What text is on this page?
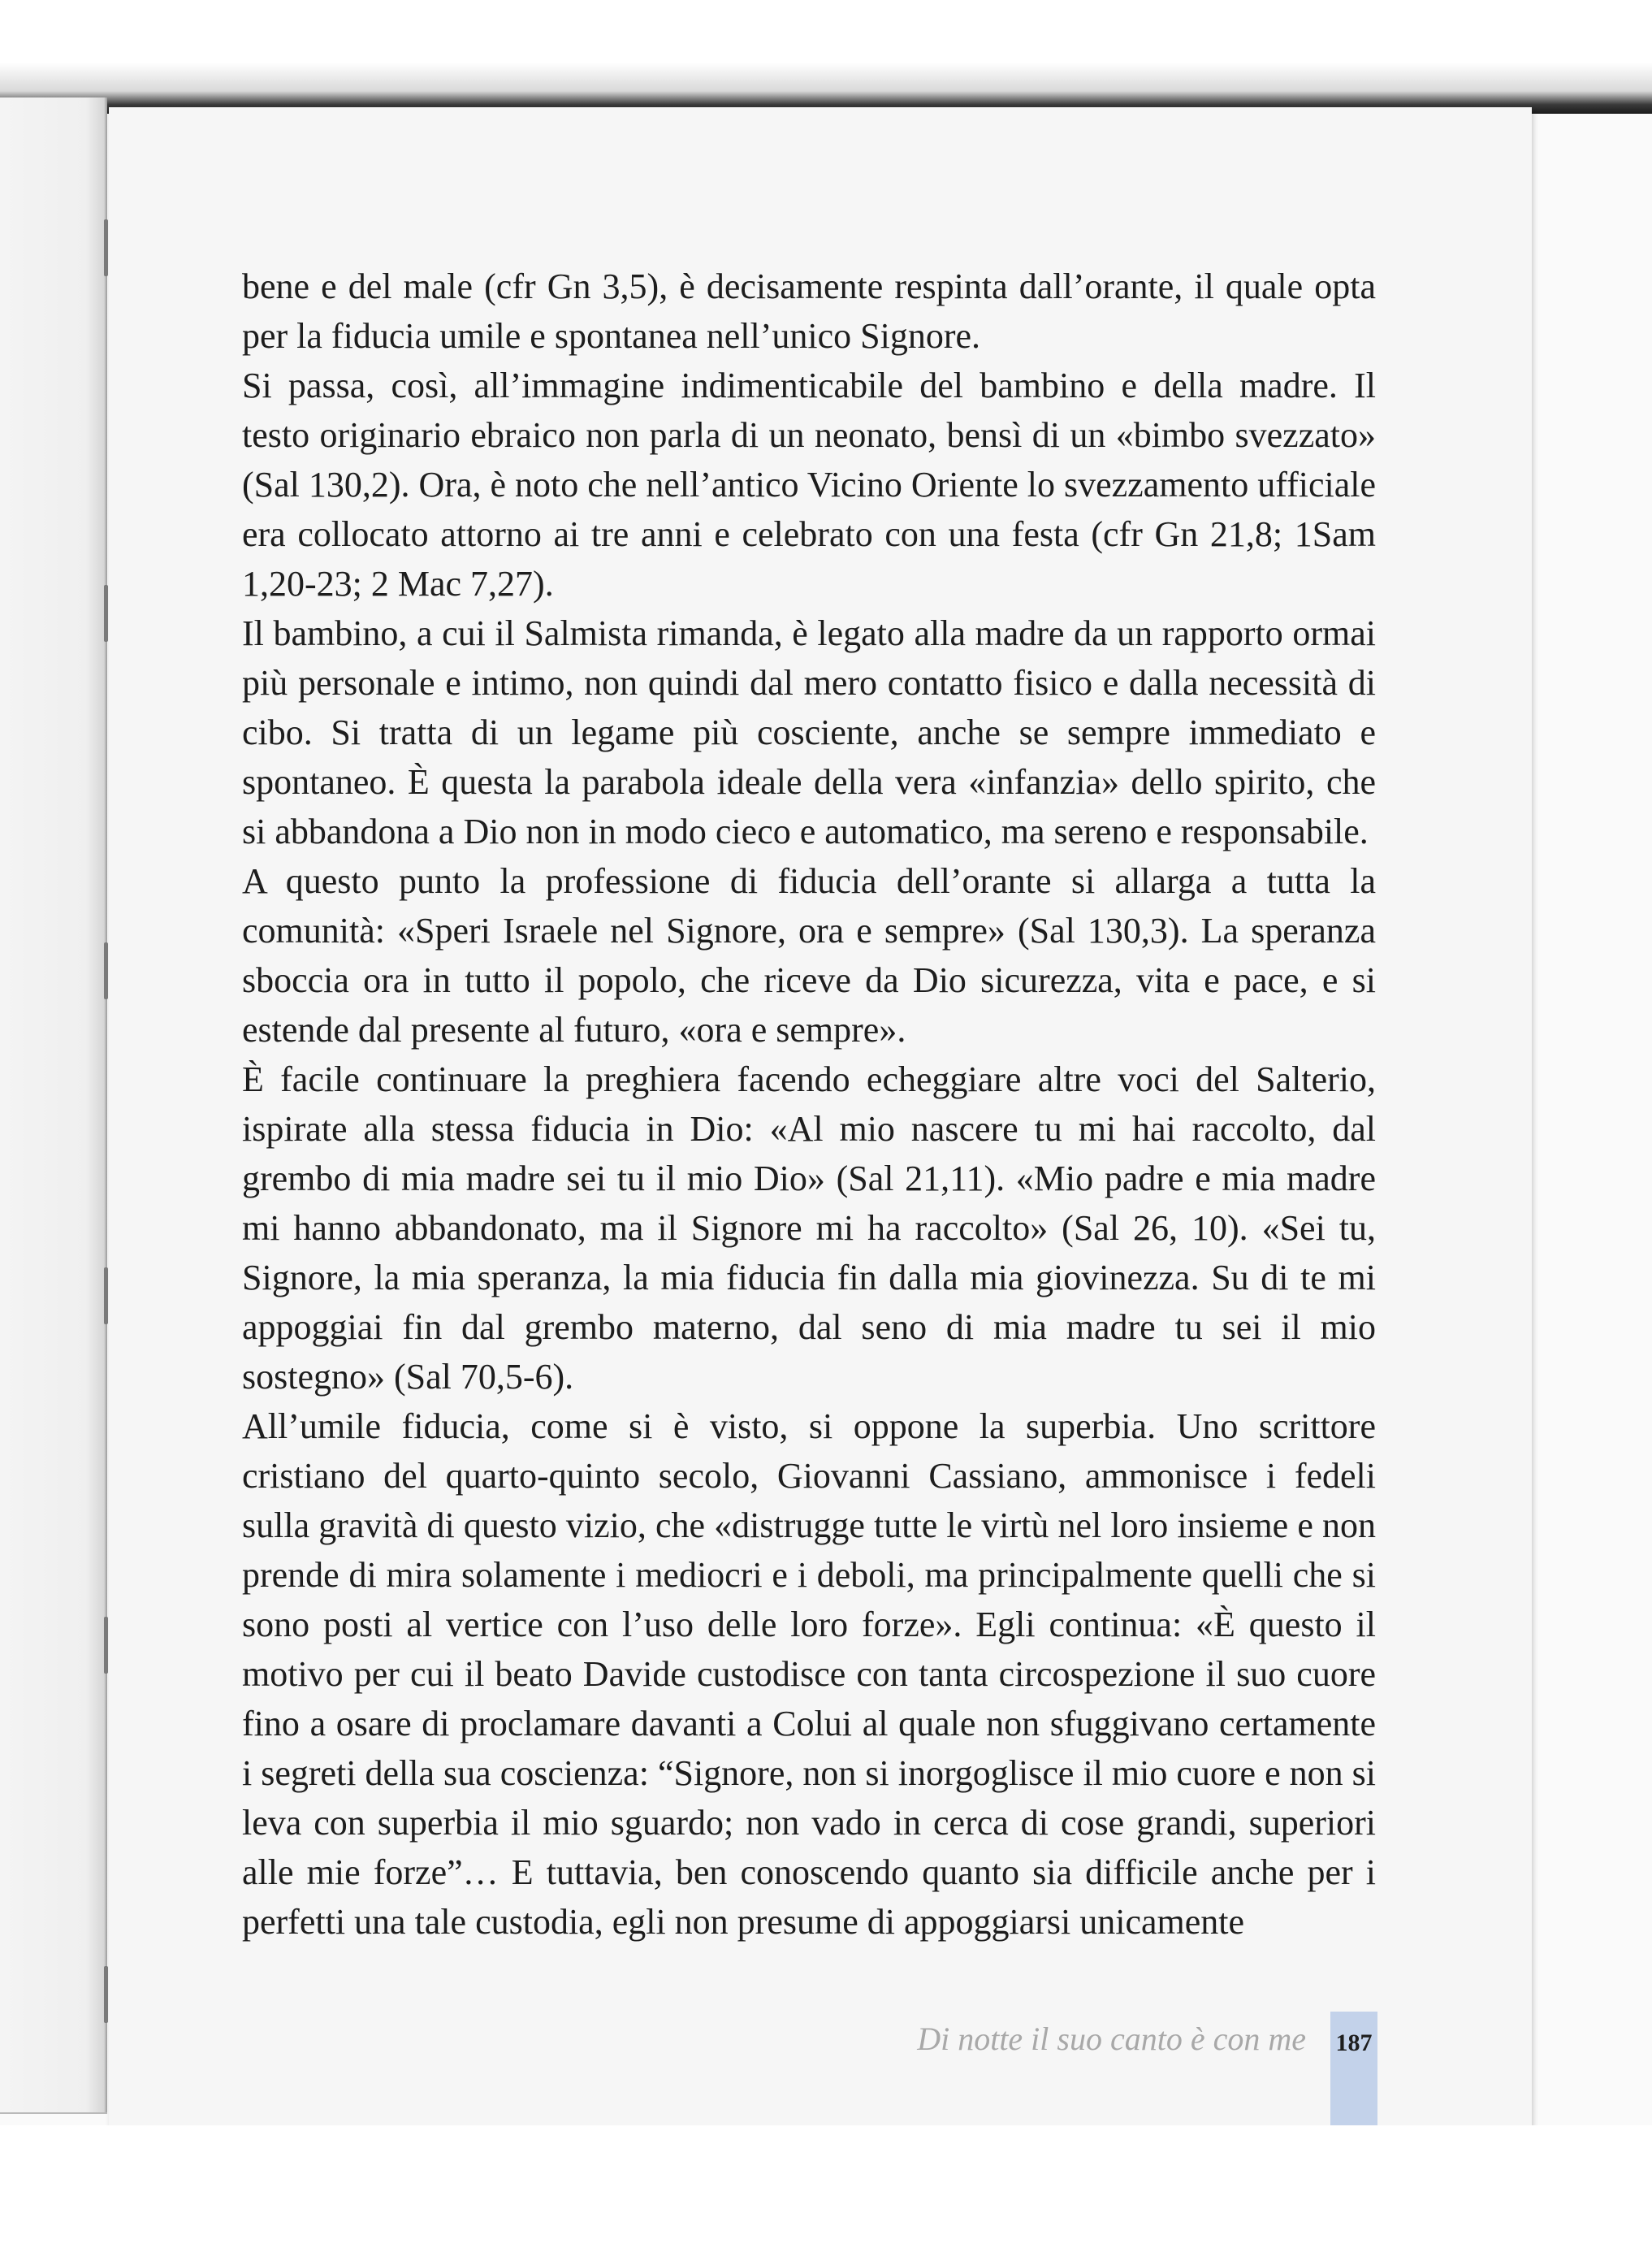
bene e del male (cfr Gn 3,5), è decisamente respinta dall’orante, il quale opta per la fiducia umile e spontanea nell’unico Signore.

Si passa, così, all’immagine indimenticabile del bambino e della madre. Il testo originario ebraico non parla di un neonato, bensì di un «bimbo svezzato» (Sal 130,2). Ora, è noto che nell’antico Vicino Oriente lo svezzamento ufficiale era collocato attorno ai tre anni e celebrato con una festa (cfr Gn 21,8; 1Sam 1,20-23; 2 Mac 7,27).

Il bambino, a cui il Salmista rimanda, è legato alla madre da un rapporto ormai più personale e intimo, non quindi dal mero contatto fisico e dalla necessità di cibo. Si tratta di un legame più cosciente, anche se sempre immediato e spontaneo. È questa la parabola ideale della vera «infanzia» dello spirito, che si abbandona a Dio non in modo cieco e automatico, ma sereno e responsabile.

A questo punto la professione di fiducia dell’orante si allarga a tutta la comunità: «Speri Israele nel Signore, ora e sempre» (Sal 130,3). La speranza sboccia ora in tutto il popolo, che riceve da Dio sicurezza, vita e pace, e si estende dal presente al futuro, «ora e sempre».

È facile continuare la preghiera facendo echeggiare altre voci del Salterio, ispirate alla stessa fiducia in Dio: «Al mio nascere tu mi hai raccolto, dal grembo di mia madre sei tu il mio Dio» (Sal 21,11). «Mio padre e mia madre mi hanno abbandonato, ma il Signore mi ha raccolto» (Sal 26, 10). «Sei tu, Signore, la mia speranza, la mia fiducia fin dalla mia giovinezza. Su di te mi appoggiai fin dal grembo materno, dal seno di mia madre tu sei il mio sostegno» (Sal 70,5-6).

All’umile fiducia, come si è visto, si oppone la superbia. Uno scrittore cristiano del quarto-quinto secolo, Giovanni Cassiano, ammonisce i fedeli sulla gravità di questo vizio, che «distrugge tutte le virtù nel loro insieme e non prende di mira solamente i mediocri e i deboli, ma principalmente quelli che si sono posti al vertice con l’uso delle loro forze». Egli continua: «È questo il motivo per cui il beato Davide custodisce con tanta circospezione il suo cuore fino a osare di proclamare davanti a Colui al quale non sfuggivano certamente i segreti della sua coscienza: “Signore, non si inorgoglisce il mio cuore e non si leva con superbia il mio sguardo; non vado in cerca di cose grandi, superiori alle mie forze”… E tuttavia, ben conoscendo quanto sia difficile anche per i perfetti una tale custodia, egli non presume di appoggiarsi unicamente

Di notte il suo canto è con me 187
